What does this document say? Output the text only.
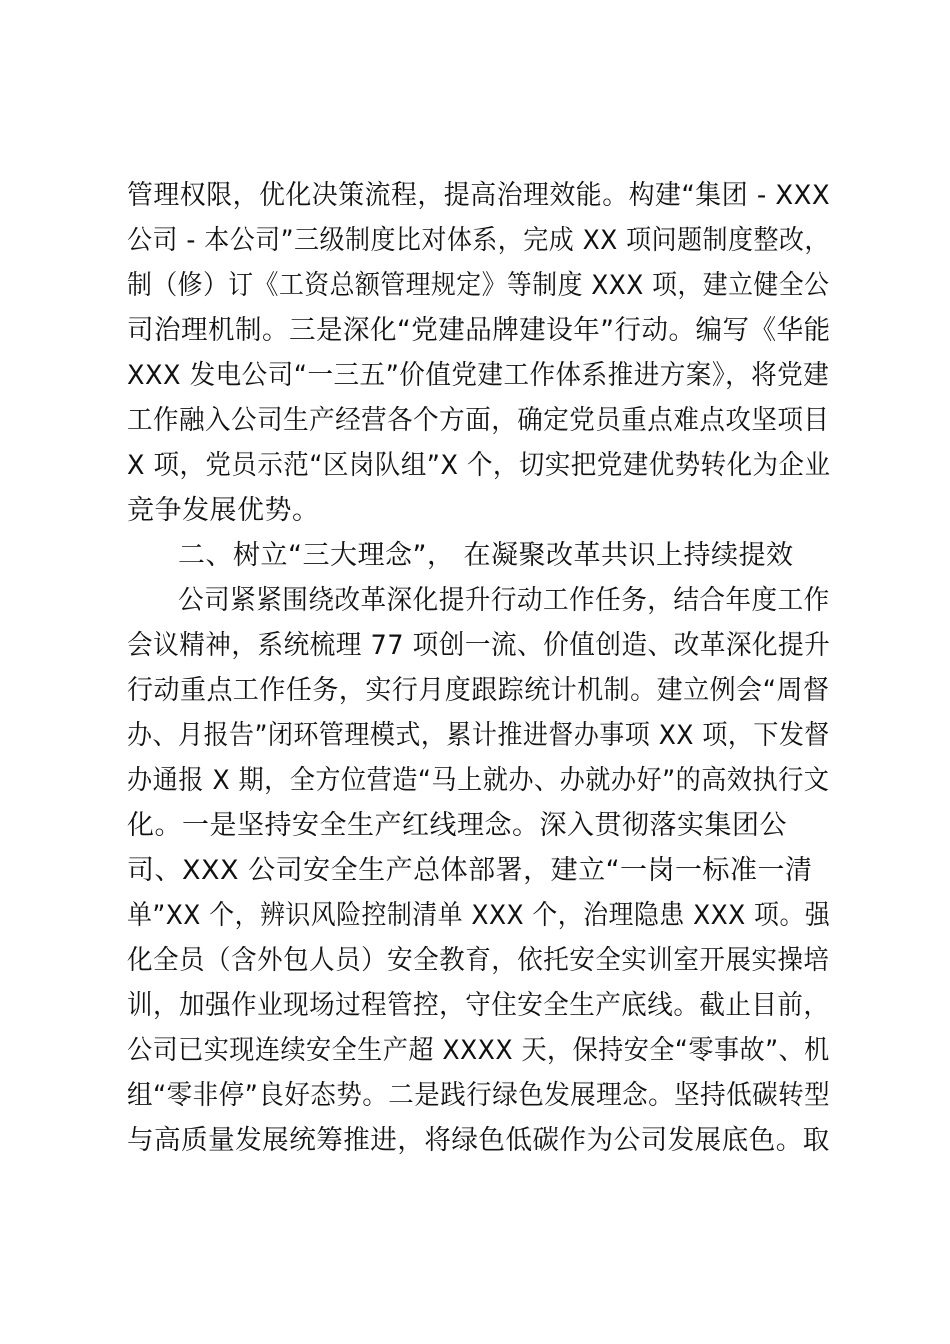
管理权限，优化决策流程，提高治理效能。构建“集团 - XXX
公司 - 本公司”三级制度比对体系，完成 XX 项问题制度整改，
制（修）订《工资总额管理规定》等制度 XXX 项，建立健全公
司治理机制。三是深化“党建品牌建设年”行动。编写《华能
XXX 发电公司“一三五”价值党建工作体系推进方案》，将党建
工作融入公司生产经营各个方面，确定党员重点难点攻坚项目
X 项，党员示范“区岗队组”X 个，切实把党建优势转化为企业
竞争发展优势。
二、树立“三大理念”， 在凝聚改革共识上持续提效
公司紧紧围绕改革深化提升行动工作任务，结合年度工作
会议精神，系统梳理 77 项创一流、价值创造、改革深化提升
行动重点工作任务，实行月度跟踪统计机制。建立例会“周督
办、月报告”闭环管理模式，累计推进督办事项 XX 项，下发督
办通报 X 期，全方位营造“马上就办、办就办好”的高效执行文
化。一是坚持安全生产红线理念。深入贯彻落实集团公
司、XXX 公司安全生产总体部署，建立“一岗一标准一清
单”XX 个，辨识风险控制清单 XXX 个，治理隐患 XXX 项。强
化全员（含外包人员）安全教育，依托安全实训室开展实操培
训，加强作业现场过程管控，守住安全生产底线。截止目前，
公司已实现连续安全生产超 XXXX 天，保持安全“零事故”、机
组“零非停”良好态势。二是践行绿色发展理念。坚持低碳转型
与高质量发展统筹推进，将绿色低碳作为公司发展底色。取
